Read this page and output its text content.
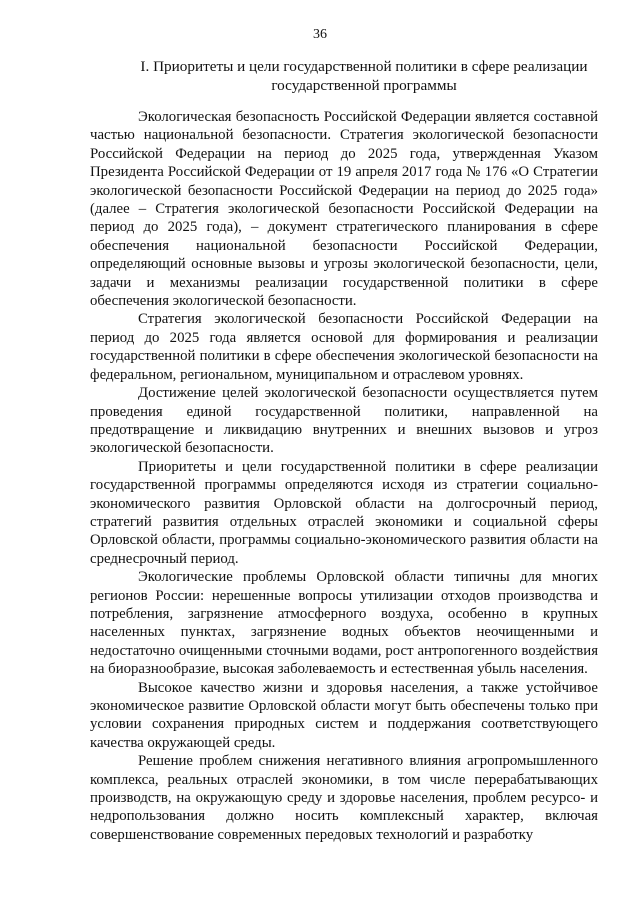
36
I. Приоритеты и цели государственной политики в сфере реализации государственной программы

Экологическая безопасность Российской Федерации является составной частью национальной безопасности. Стратегия экологической безопасности Российской Федерации на период до 2025 года, утвержденная Указом Президента Российской Федерации от 19 апреля 2017 года № 176 «О Стратегии экологической безопасности Российской Федерации на период до 2025 года» (далее – Стратегия экологической безопасности Российской Федерации на период до 2025 года), – документ стратегического планирования в сфере обеспечения национальной безопасности Российской Федерации, определяющий основные вызовы и угрозы экологической безопасности, цели, задачи и механизмы реализации государственной политики в сфере обеспечения экологической безопасности.

Стратегия экологической безопасности Российской Федерации на период до 2025 года является основой для формирования и реализации государственной политики в сфере обеспечения экологической безопасности на федеральном, региональном, муниципальном и отраслевом уровнях.

Достижение целей экологической безопасности осуществляется путем проведения единой государственной политики, направленной на предотвращение и ликвидацию внутренних и внешних вызовов и угроз экологической безопасности.

Приоритеты и цели государственной политики в сфере реализации государственной программы определяются исходя из стратегии социально-экономического развития Орловской области на долгосрочный период, стратегий развития отдельных отраслей экономики и социальной сферы Орловской области, программы социально-экономического развития области на среднесрочный период.

Экологические проблемы Орловской области типичны для многих регионов России: нерешенные вопросы утилизации отходов производства и потребления, загрязнение атмосферного воздуха, особенно в крупных населенных пунктах, загрязнение водных объектов неочищенными и недостаточно очищенными сточными водами, рост антропогенного воздействия на биоразнообразие, высокая заболеваемость и естественная убыль населения.

Высокое качество жизни и здоровья населения, а также устойчивое экономическое развитие Орловской области могут быть обеспечены только при условии сохранения природных систем и поддержания соответствующего качества окружающей среды.

Решение проблем снижения негативного влияния агропромышленного комплекса, реальных отраслей экономики, в том числе перерабатывающих производств, на окружающую среду и здоровье населения, проблем ресурсо- и недропользования должно носить комплексный характер, включая совершенствование современных передовых технологий и разработку
